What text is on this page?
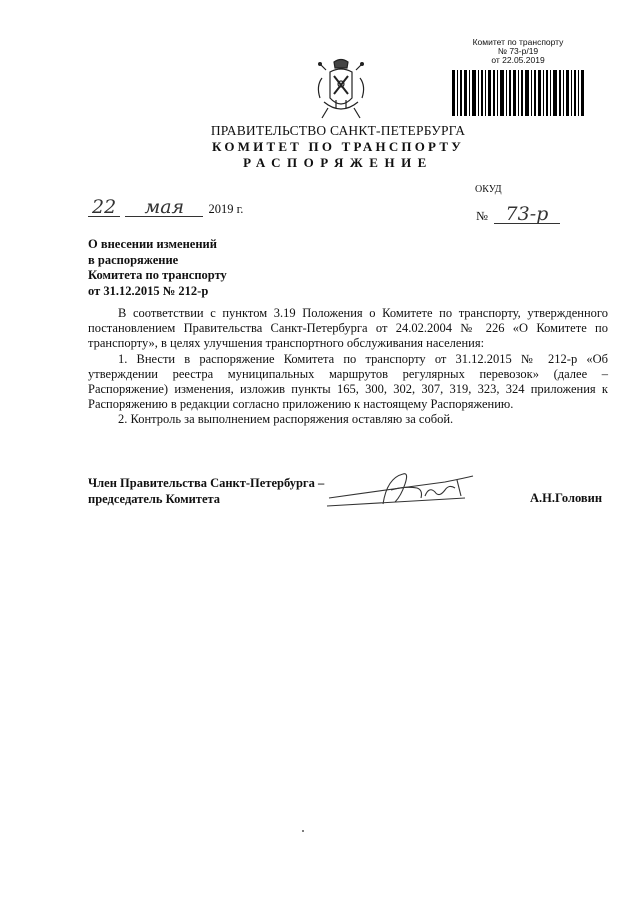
Комитет по транспорту
№ 73-р/19
от 22.05.2019
ПРАВИТЕЛЬСТВО САНКТ-ПЕТЕРБУРГА
КОМИТЕТ ПО ТРАНСПОРТУ
РАСПОРЯЖЕНИЕ
ОКУД
22 мая 2019 г.	№ 73-р
О внесении изменений
в распоряжение
Комитета по транспорту
от 31.12.2015 № 212-р

В соответствии с пунктом 3.19 Положения о Комитете по транспорту, утвержденного постановлением Правительства Санкт-Петербурга от 24.02.2004 № 226 «О Комитете по транспорту», в целях улучшения транспортного обслуживания населения:

1. Внести в распоряжение Комитета по транспорту от 31.12.2015 № 212-р «Об утверждении реестра муниципальных маршрутов регулярных перевозок» (далее – Распоряжение) изменения, изложив пункты 165, 300, 302, 307, 319, 323, 324 приложения к Распоряжению в редакции согласно приложению к настоящему Распоряжению.

2. Контроль за выполнением распоряжения оставляю за собой.

Член Правительства Санкт-Петербурга –
председатель Комитета	А.Н.Головин
